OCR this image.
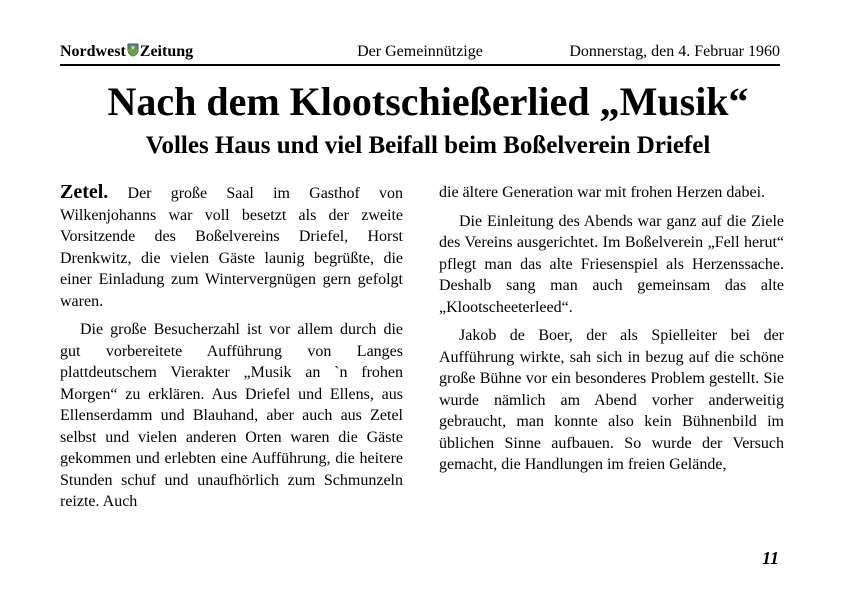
Nordwest Zeitung	Der Gemeinnützige	Donnerstag, den 4. Februar 1960
Nach dem Klootschießerlied „Musik“
Volles Haus und viel Beifall beim Boßelverein Driefel

Zetel. Der große Saal im Gasthof von Wilkenjohanns war voll besetzt als der zweite Vorsitzende des Boßelvereins Driefel, Horst Drenkwitz, die vielen Gäste launig begrüßte, die einer Einladung zum Wintervergnügen gern gefolgt waren.

Die große Besucherzahl ist vor allem durch die gut vorbereitete Aufführung von Langes plattdeutschem Vierakter „Musik an `n frohen Morgen“ zu erklären. Aus Driefel und Ellens, aus Ellenserdamm und Blauhand, aber auch aus Zetel selbst und vielen anderen Orten waren die Gäste gekommen und erlebten eine Aufführung, die heitere Stunden schuf und unaufhörlich zum Schmunzeln reizte. Auch

die ältere Generation war mit frohen Herzen dabei.

Die Einleitung des Abends war ganz auf die Ziele des Vereins ausgerichtet. Im Boßelverein „Fell herut“ pflegt man das alte Friesenspiel als Herzenssache. Deshalb sang man auch gemeinsam das alte „Klootscheeterleed“.

Jakob de Boer, der als Spielleiter bei der Aufführung wirkte, sah sich in bezug auf die schöne große Bühne vor ein besonderes Problem gestellt. Sie wurde nämlich am Abend vorher anderweitig gebraucht, man konnte also kein Bühnenbild im üblichen Sinne aufbauen. So wurde der Versuch gemacht, die Handlungen im freien Gelände,

11
